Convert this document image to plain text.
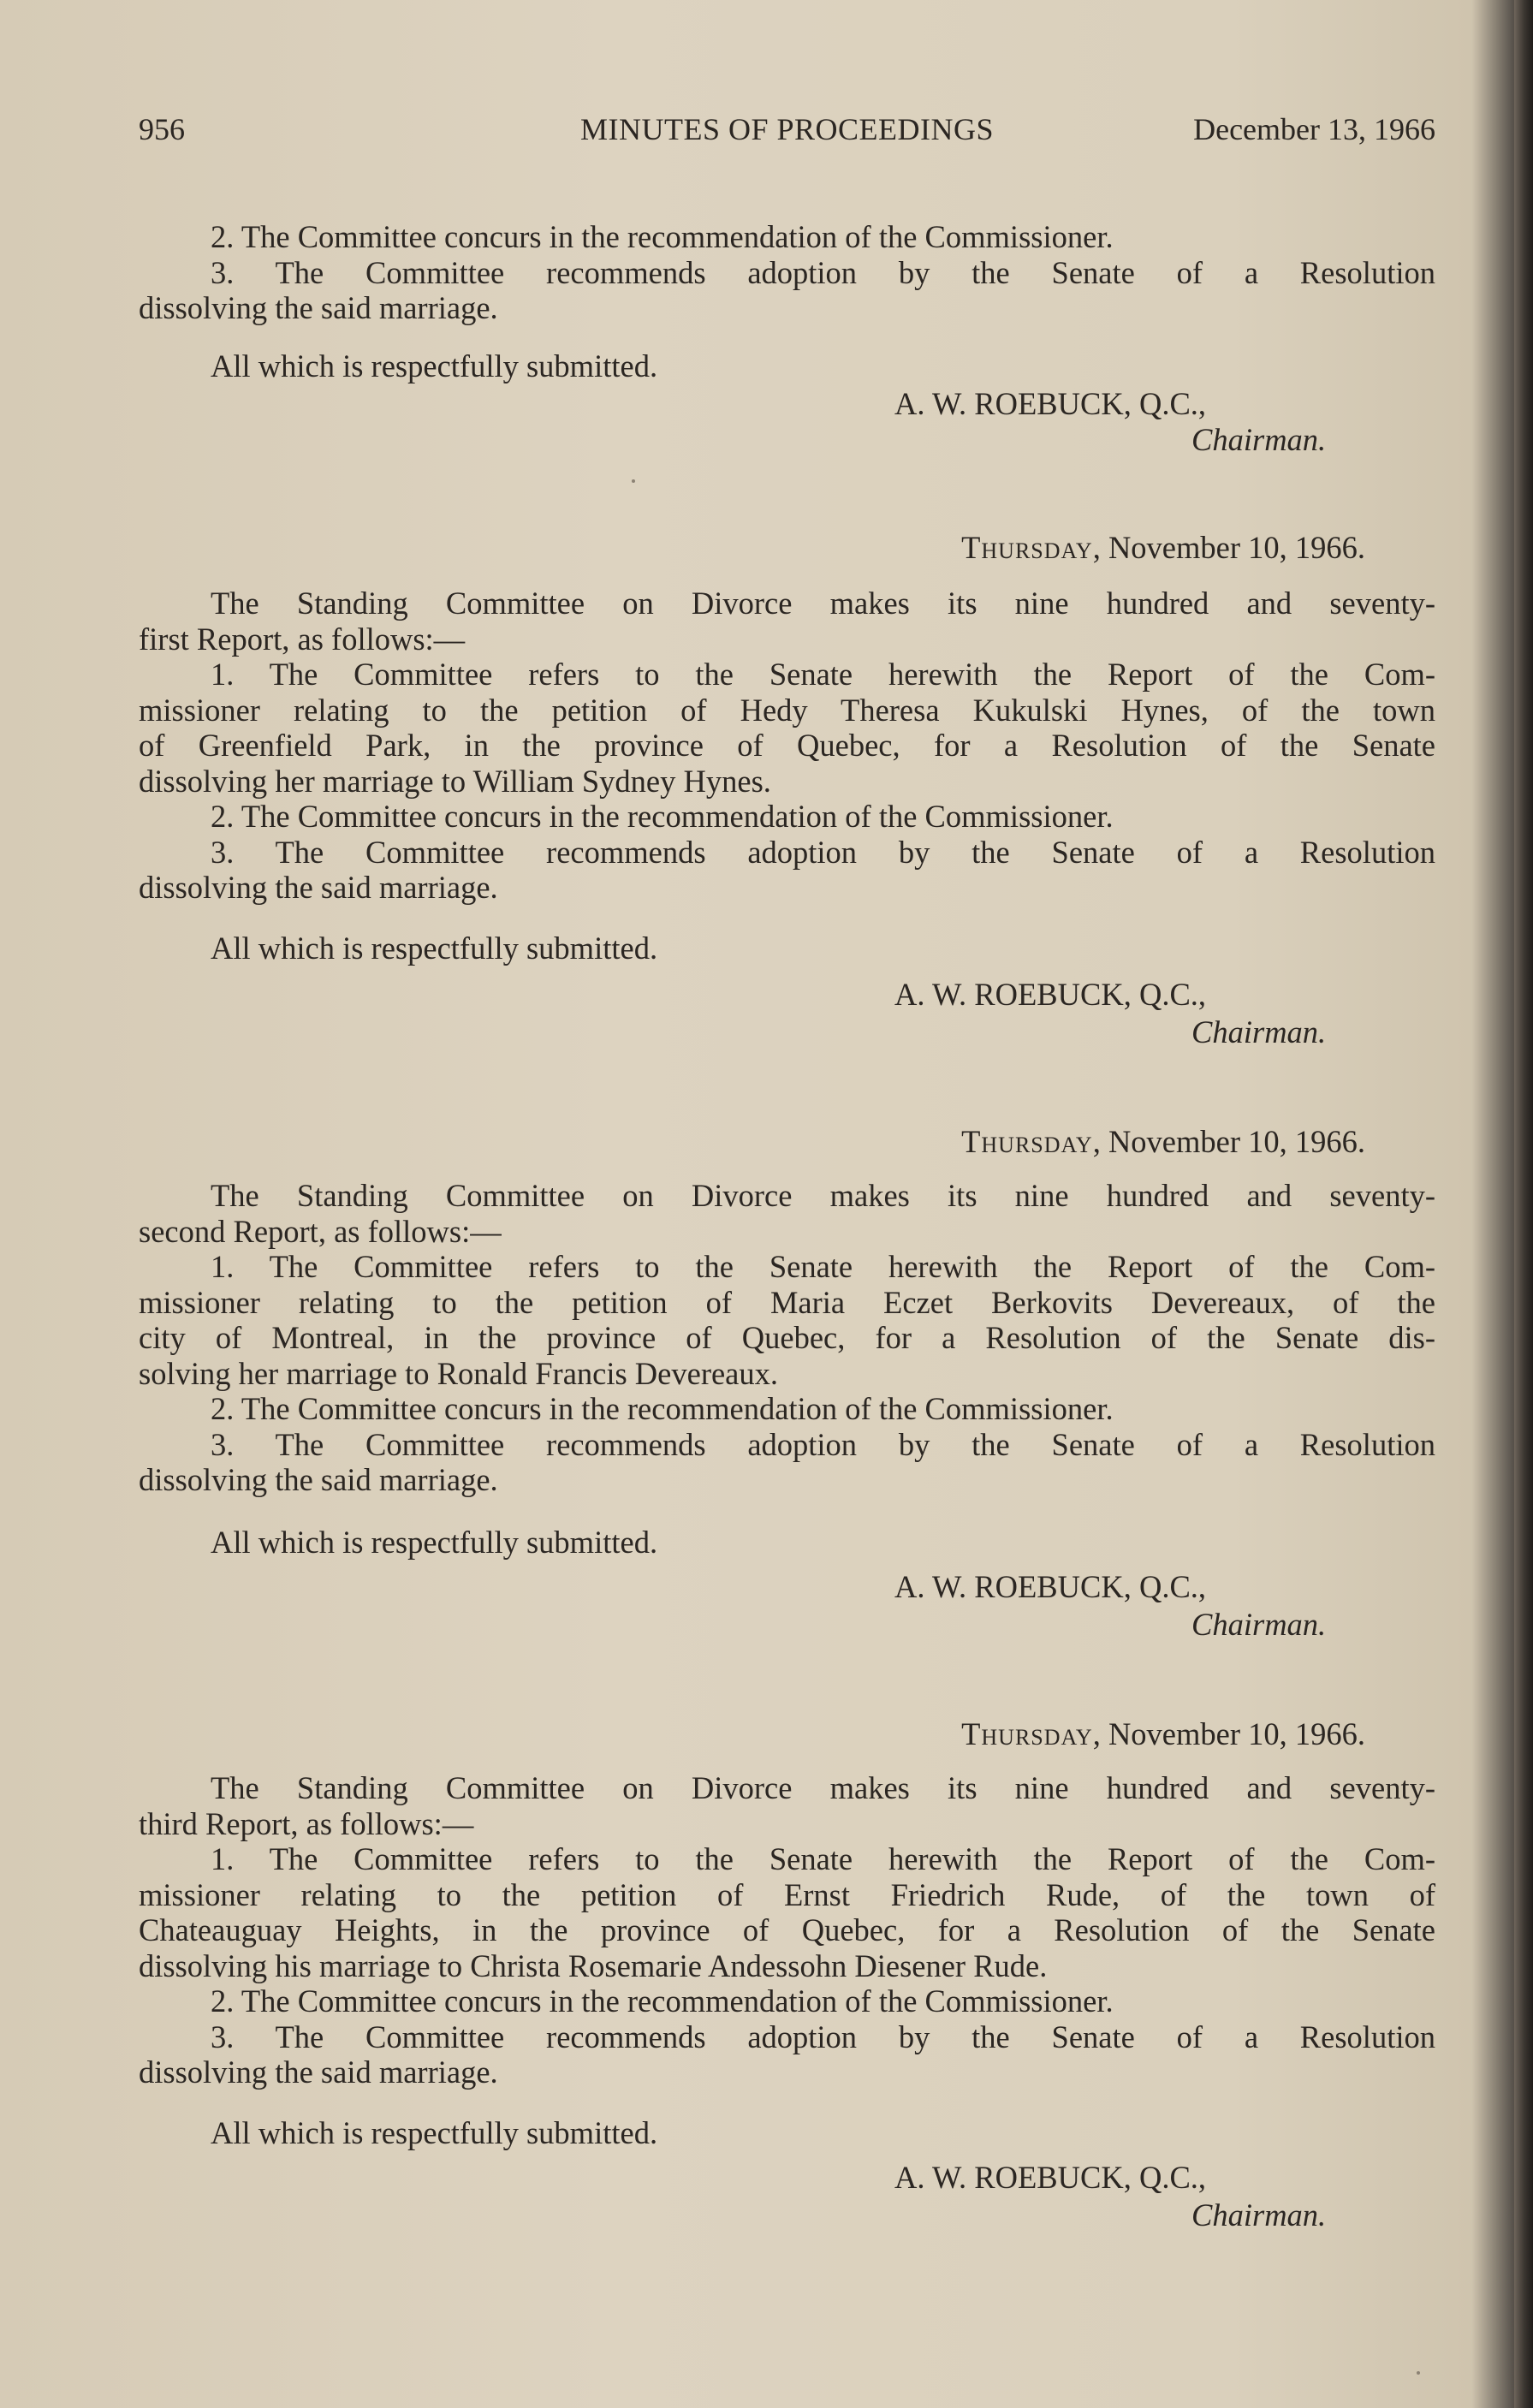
956	MINUTES OF PROCEEDINGS	December 13, 1966
2. The Committee concurs in the recommendation of the Commissioner.
3. The Committee recommends adoption by the Senate of a Resolution
dissolving the said marriage.
All which is respectfully submitted.
A. W. ROEBUCK, Q.C.,
Chairman.
Thursday, November 10, 1966.
The Standing Committee on Divorce makes its nine hundred and seventy-
first Report, as follows:—
1. The Committee refers to the Senate herewith the Report of the Com-
missioner relating to the petition of Hedy Theresa Kukulski Hynes, of the town
of Greenfield Park, in the province of Quebec, for a Resolution of the Senate
dissolving her marriage to William Sydney Hynes.
2. The Committee concurs in the recommendation of the Commissioner.
3. The Committee recommends adoption by the Senate of a Resolution
dissolving the said marriage.
All which is respectfully submitted.
A. W. ROEBUCK, Q.C.,
Chairman.
Thursday, November 10, 1966.
The Standing Committee on Divorce makes its nine hundred and seventy-
second Report, as follows:—
1. The Committee refers to the Senate herewith the Report of the Com-
missioner relating to the petition of Maria Eczet Berkovits Devereaux, of the
city of Montreal, in the province of Quebec, for a Resolution of the Senate dis-
solving her marriage to Ronald Francis Devereaux.
2. The Committee concurs in the recommendation of the Commissioner.
3. The Committee recommends adoption by the Senate of a Resolution
dissolving the said marriage.
All which is respectfully submitted.
A. W. ROEBUCK, Q.C.,
Chairman.
Thursday, November 10, 1966.
The Standing Committee on Divorce makes its nine hundred and seventy-
third Report, as follows:—
1. The Committee refers to the Senate herewith the Report of the Com-
missioner relating to the petition of Ernst Friedrich Rude, of the town of
Chateauguay Heights, in the province of Quebec, for a Resolution of the Senate
dissolving his marriage to Christa Rosemarie Andessohn Diesener Rude.
2. The Committee concurs in the recommendation of the Commissioner.
3. The Committee recommends adoption by the Senate of a Resolution
dissolving the said marriage.
All which is respectfully submitted.
A. W. ROEBUCK, Q.C.,
Chairman.
